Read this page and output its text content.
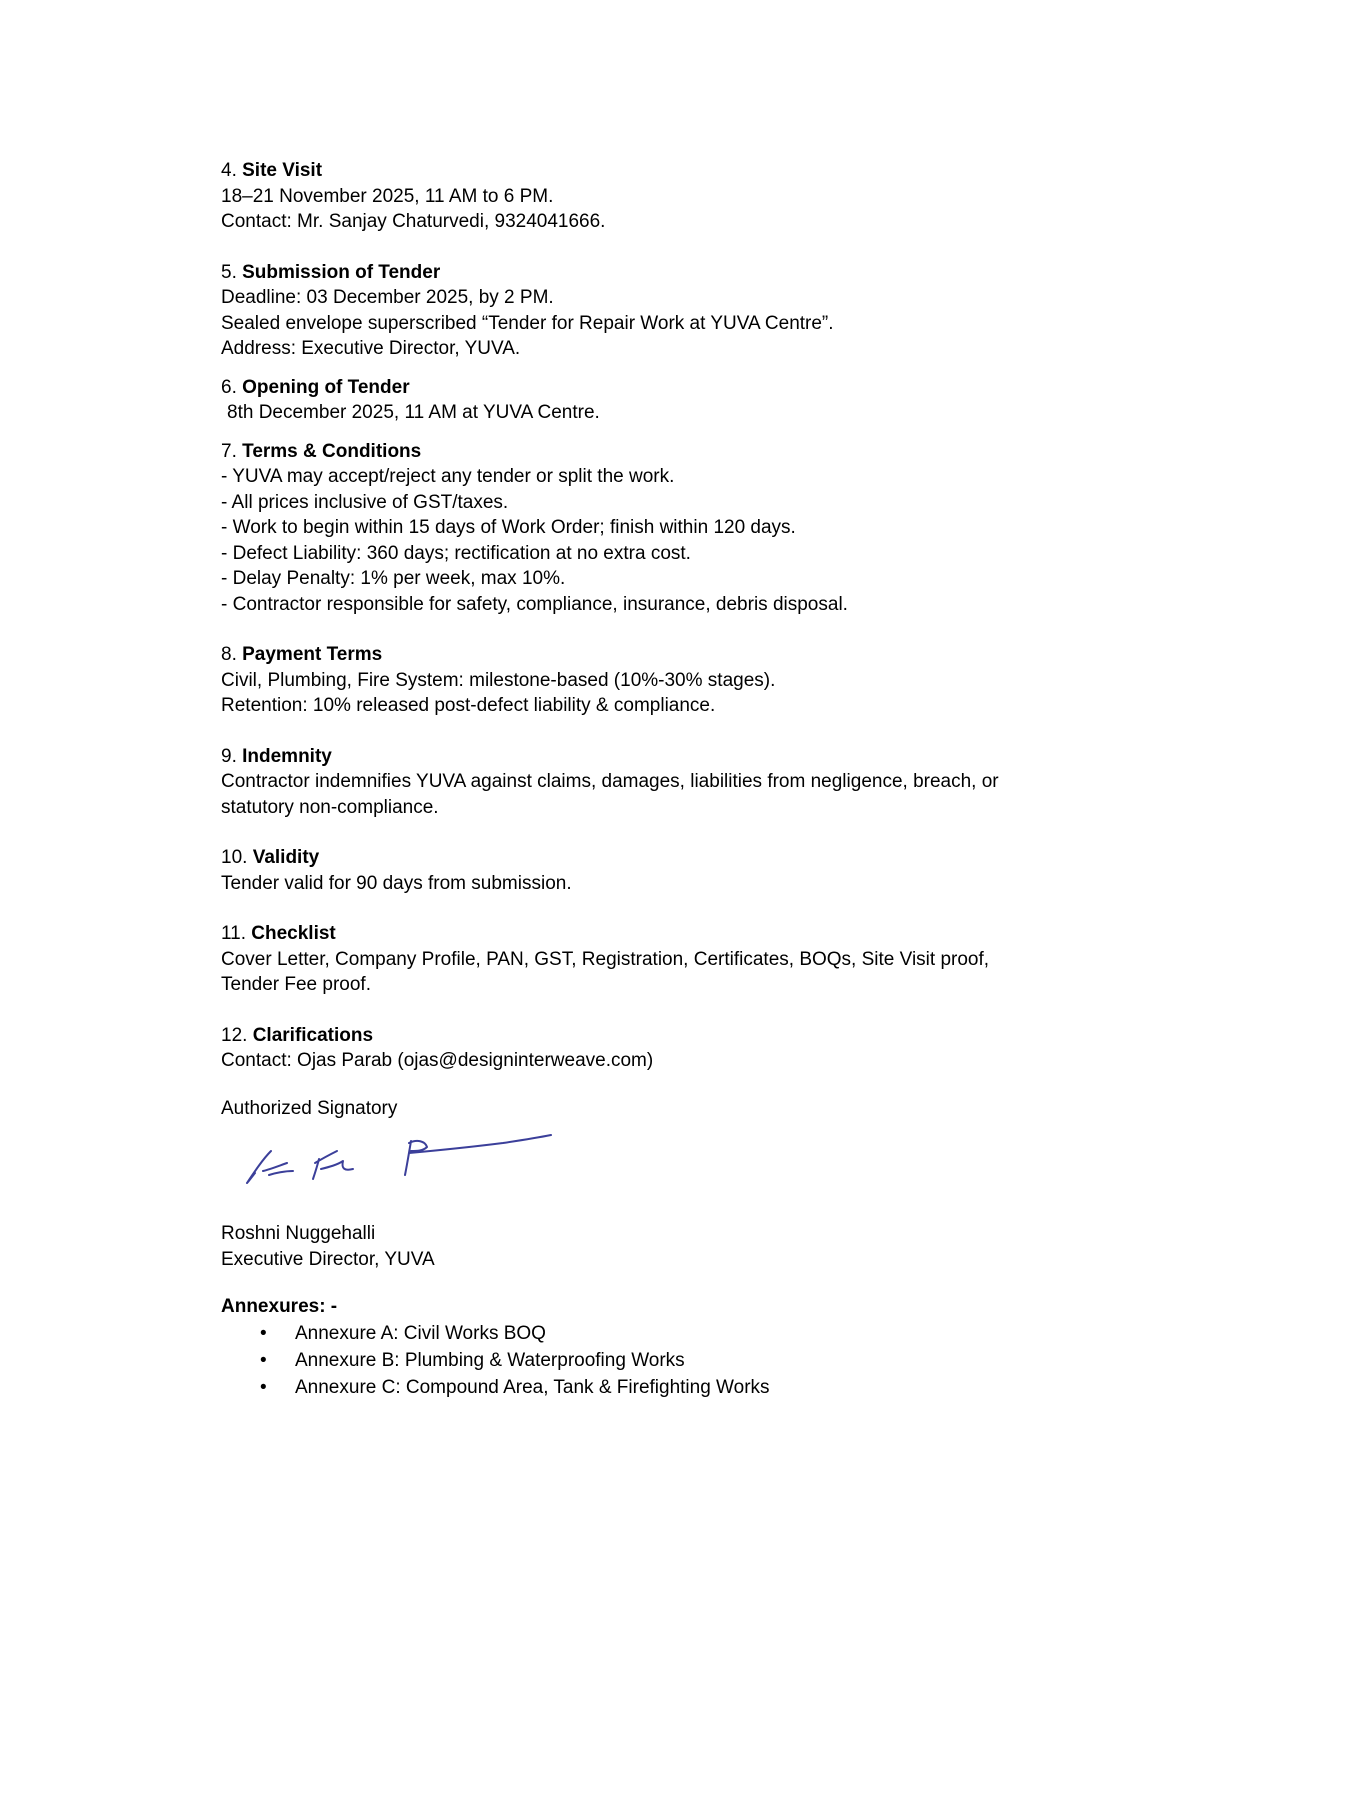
4. Site Visit
18–21 November 2025, 11 AM to 6 PM.
Contact: Mr. Sanjay Chaturvedi, 9324041666.
5. Submission of Tender
Deadline: 03 December 2025, by 2 PM.
Sealed envelope superscribed “Tender for Repair Work at YUVA Centre”.
Address: Executive Director, YUVA.
6. Opening of Tender
8th December 2025, 11 AM at YUVA Centre.
7. Terms & Conditions
- YUVA may accept/reject any tender or split the work.
- All prices inclusive of GST/taxes.
- Work to begin within 15 days of Work Order; finish within 120 days.
- Defect Liability: 360 days; rectification at no extra cost.
- Delay Penalty: 1% per week, max 10%.
- Contractor responsible for safety, compliance, insurance, debris disposal.
8. Payment Terms
Civil, Plumbing, Fire System: milestone-based (10%-30% stages).
Retention: 10% released post-defect liability & compliance.
9. Indemnity
Contractor indemnifies YUVA against claims, damages, liabilities from negligence, breach, or
statutory non-compliance.
10. Validity
Tender valid for 90 days from submission.
11. Checklist
Cover Letter, Company Profile, PAN, GST, Registration, Certificates, BOQs, Site Visit proof,
Tender Fee proof.
12. Clarifications
Contact: Ojas Parab (ojas@designinterweave.com)
Authorized Signatory
Roshni Nuggehalli
Executive Director, YUVA
Annexures: -
• Annexure A: Civil Works BOQ
• Annexure B: Plumbing & Waterproofing Works
• Annexure C: Compound Area, Tank & Firefighting Works
